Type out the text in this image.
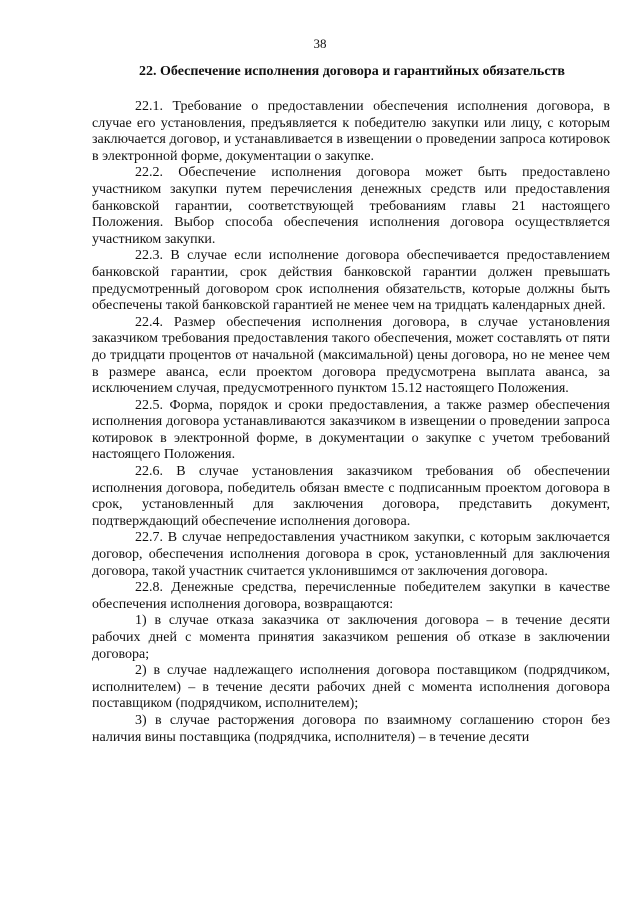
38
22. Обеспечение исполнения договора и гарантийных обязательств

22.1. Требование о предоставлении обеспечения исполнения договора, в случае его установления, предъявляется к победителю закупки или лицу, с которым заключается договор, и устанавливается в извещении о проведении запроса котировок в электронной форме, документации о закупке.

22.2. Обеспечение исполнения договора может быть предоставлено участником закупки путем перечисления денежных средств или предоставления банковской гарантии, соответствующей требованиям главы 21 настоящего Положения. Выбор способа обеспечения исполнения договора осуществляется участником закупки.

22.3. В случае если исполнение договора обеспечивается предоставлением банковской гарантии, срок действия банковской гарантии должен превышать предусмотренный договором срок исполнения обязательств, которые должны быть обеспечены такой банковской гарантией не менее чем на тридцать календарных дней.

22.4. Размер обеспечения исполнения договора, в случае установления заказчиком требования предоставления такого обеспечения, может составлять от пяти до тридцати процентов от начальной (максимальной) цены договора, но не менее чем в размере аванса, если проектом договора предусмотрена выплата аванса, за исключением случая, предусмотренного пунктом 15.12 настоящего Положения.

22.5. Форма, порядок и сроки предоставления, а также размер обеспечения исполнения договора устанавливаются заказчиком в извещении о проведении запроса котировок в электронной форме, в документации о закупке с учетом требований настоящего Положения.

22.6. В случае установления заказчиком требования об обеспечении исполнения договора, победитель обязан вместе с подписанным проектом договора в срок, установленный для заключения договора, представить документ, подтверждающий обеспечение исполнения договора.

22.7. В случае непредоставления участником закупки, с которым заключается договор, обеспечения исполнения договора в срок, установленный для заключения договора, такой участник считается уклонившимся от заключения договора.

22.8. Денежные средства, перечисленные победителем закупки в качестве обеспечения исполнения договора, возвращаются:

1) в случае отказа заказчика от заключения договора – в течение десяти рабочих дней с момента принятия заказчиком решения об отказе в заключении договора;

2) в случае надлежащего исполнения договора поставщиком (подрядчиком, исполнителем) – в течение десяти рабочих дней с момента исполнения договора поставщиком (подрядчиком, исполнителем);

3) в случае расторжения договора по взаимному соглашению сторон без наличия вины поставщика (подрядчика, исполнителя) – в течение десяти
